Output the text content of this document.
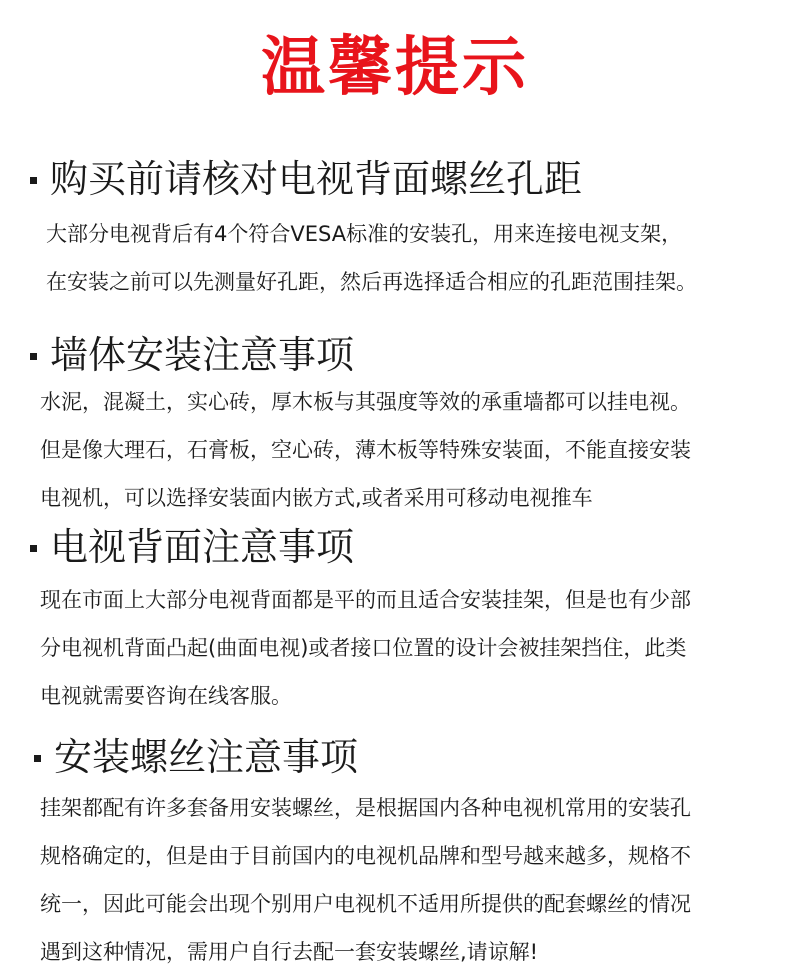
温馨提示
购买前请核对电视背面螺丝孔距
大部分电视背后有4个符合VESA标准的安装孔，用来连接电视支架，
在安装之前可以先测量好孔距，然后再选择适合相应的孔距范围挂架。
墙体安装注意事项
水泥，混凝土，实心砖，厚木板与其强度等效的承重墙都可以挂电视。
但是像大理石，石膏板，空心砖，薄木板等特殊安装面，不能直接安装
电视机，可以选择安装面内嵌方式,或者采用可移动电视推车
电视背面注意事项
现在市面上大部分电视背面都是平的而且适合安装挂架，但是也有少部
分电视机背面凸起(曲面电视)或者接口位置的设计会被挂架挡住，此类
电视就需要咨询在线客服。
安装螺丝注意事项
挂架都配有许多套备用安装螺丝，是根据国内各种电视机常用的安装孔
规格确定的，但是由于目前国内的电视机品牌和型号越来越多，规格不
统一，因此可能会出现个别用户电视机不适用所提供的配套螺丝的情况
遇到这种情况，需用户自行去配一套安装螺丝,请谅解!
